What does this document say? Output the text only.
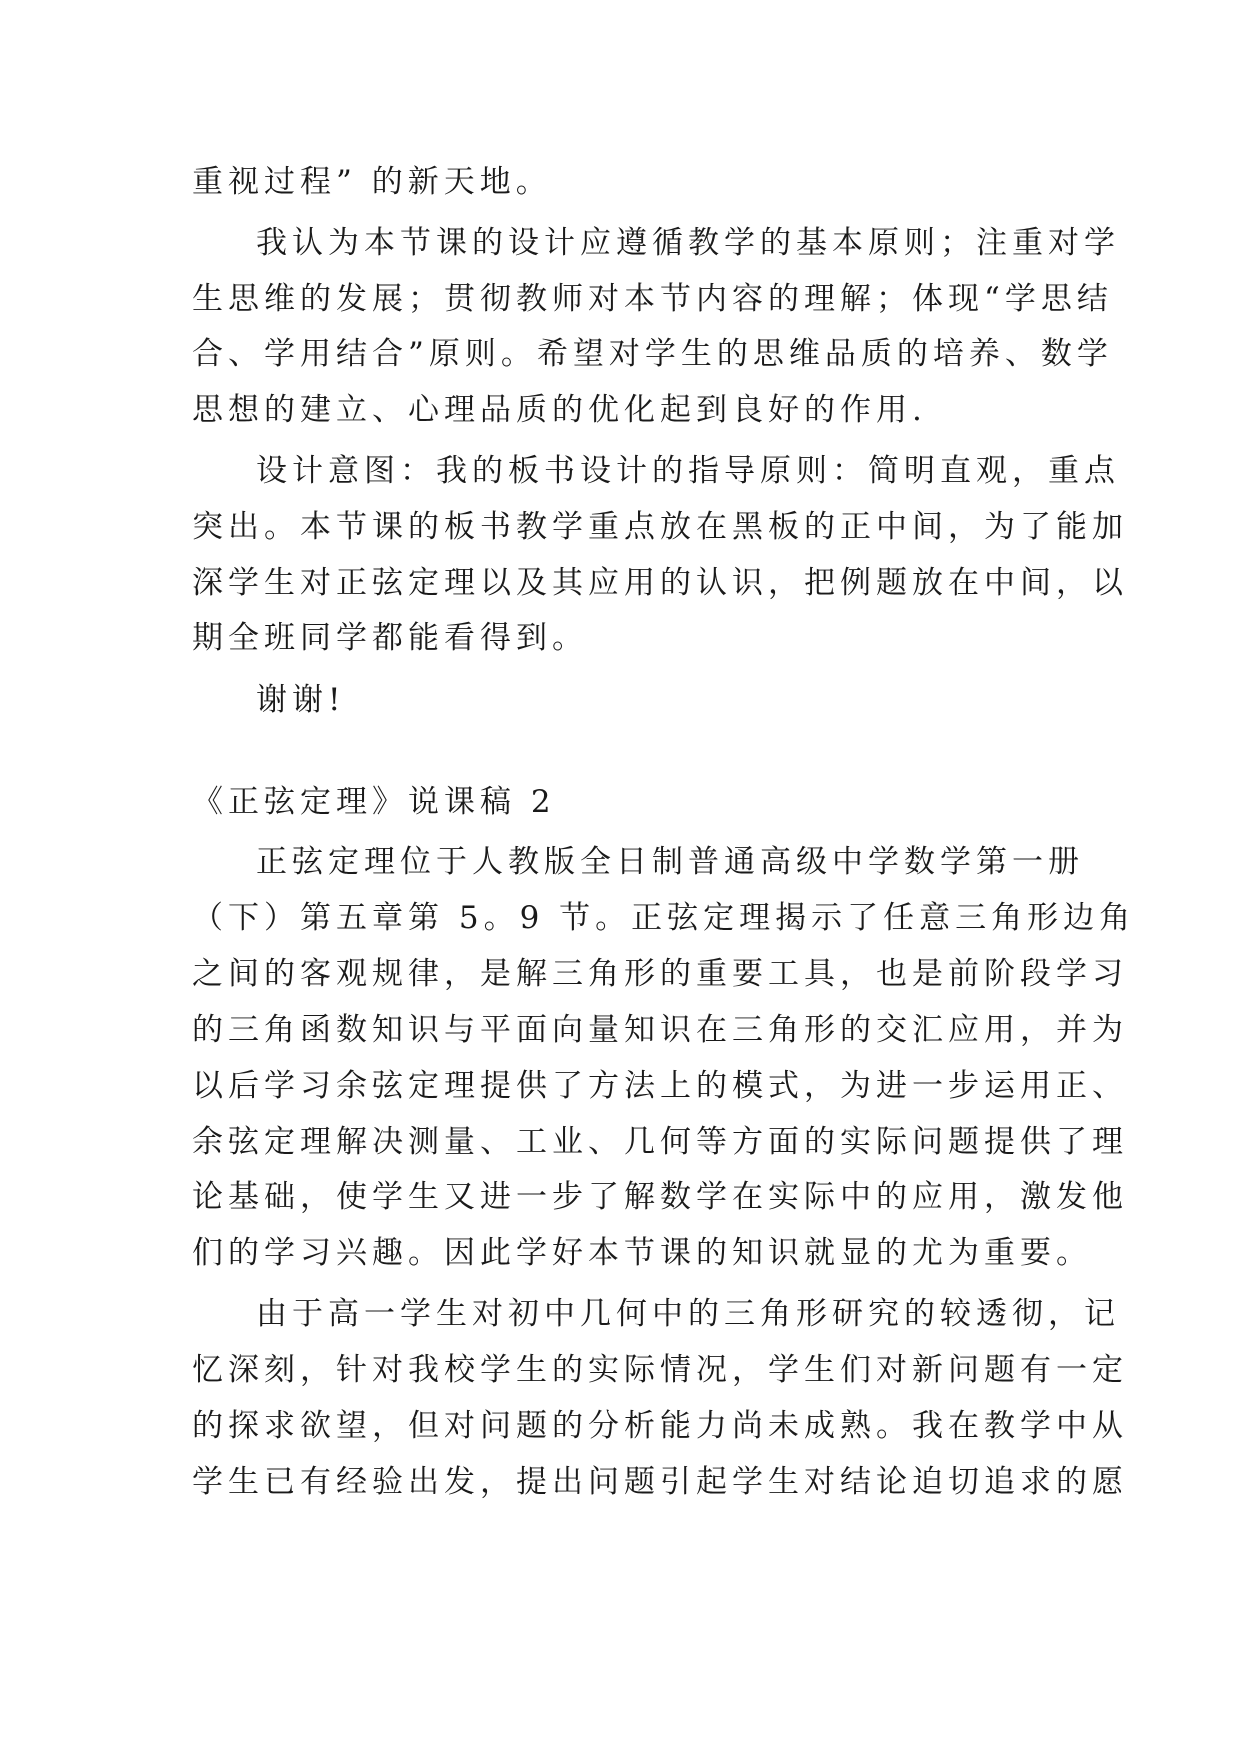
重视过程” 的新天地。
我认为本节课的设计应遵循教学的基本原则；注重对学
生思维的发展；贯彻教师对本节内容的理解；体现“学思结
合、学用结合”原则。希望对学生的思维品质的培养、数学
思想的建立、心理品质的优化起到良好的作用.
设计意图：我的板书设计的指导原则：简明直观，重点
突出。本节课的板书教学重点放在黑板的正中间，为了能加
深学生对正弦定理以及其应用的认识，把例题放在中间，以
期全班同学都能看得到。
谢谢!
《正弦定理》说课稿 2
正弦定理位于人教版全日制普通高级中学数学第一册
（下）第五章第 5。9 节。正弦定理揭示了任意三角形边角
之间的客观规律，是解三角形的重要工具，也是前阶段学习
的三角函数知识与平面向量知识在三角形的交汇应用，并为
以后学习余弦定理提供了方法上的模式，为进一步运用正、
余弦定理解决测量、工业、几何等方面的实际问题提供了理
论基础，使学生又进一步了解数学在实际中的应用，激发他
们的学习兴趣。因此学好本节课的知识就显的尤为重要。
由于高一学生对初中几何中的三角形研究的较透彻，记
忆深刻，针对我校学生的实际情况，学生们对新问题有一定
的探求欲望，但对问题的分析能力尚未成熟。我在教学中从
学生已有经验出发，提出问题引起学生对结论迫切追求的愿
